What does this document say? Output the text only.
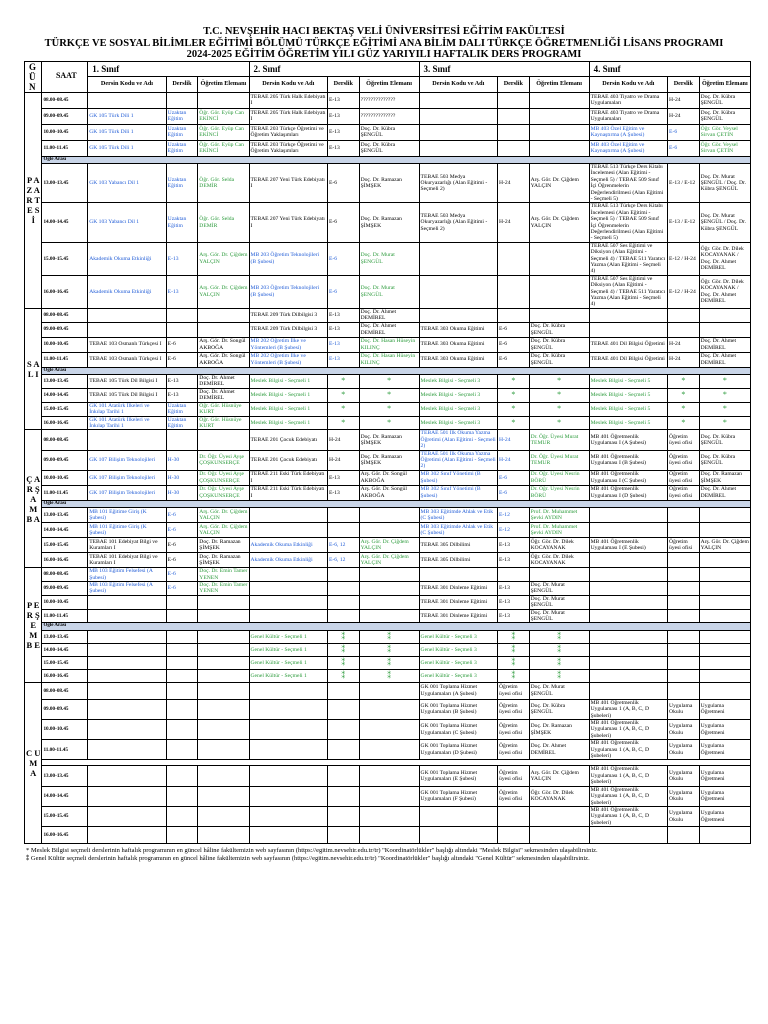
T.C. NEVŞEHİR HACI BEKTAŞ VELİ ÜNİVERSİTESİ EĞİTİM FAKÜLTESİ
TÜRKÇE VE SOSYAL BİLİMLER EĞİTİMİ BÖLÜMÜ TÜRKÇE EĞİTİMİ ANA BİLİM DALI TÜRKÇE ÖĞRETMENLİĞİ LİSANS PROGRAMI
2024-2025 EĞİTİM ÖĞRETİM YILI GÜZ YARIYILI HAFTALIK DERS PROGRAMI
G Ü N	SAAT	1. Sınıf			2. Sınıf			3. Sınıf			4. Sınıf		
		Dersin Kodu ve Adı	Derslik	Öğretim Elemanı	Dersin Kodu ve Adı	Derslik	Öğretim Elemanı	Dersin Kodu ve Adı	Derslik	Öğretim Elemanı	Dersin Kodu ve Adı	Derslik	Öğretim Elemanı
P A Z A R T E S İ	08.00-08.45				TEBAE 205 Türk Halk Edebiyatı I	E-13	??????????????				TEBAE 403 Tiyatro ve Drama Uygulamaları	H-24	Doç. Dr. Kübra ŞENGÜL
	09.00-09.45	GK 105 Türk Dili 1	Uzaktan Eğitim	Öğr. Gör. Eyüp Can EKİNCİ	TEBAE 205 Türk Halk Edebiyatı I	E-13	??????????????				TEBAE 403 Tiyatro ve Drama Uygulamaları	H-24	Doç. Dr. Kübra ŞENGÜL
	10.00-10.45	GK 105 Türk Dili 1	Uzaktan Eğitim	Öğr. Gör. Eyüp Can EKİNCİ	TEBAE 203 Türkçe Öğretimi ve Öğretim Yaklaşımları	E-13	Doç. Dr. Kübra ŞENGÜL				MB 403 Özel Eğitim ve Kaynaştırma (A Şubesi)	E-6	Öğr. Gör. Veysel Sirvan ÇETİN
	11.00-11.45	GK 105 Türk Dili 1	Uzaktan Eğitim	Öğr. Gör. Eyüp Can EKİNCİ	TEBAE 203 Türkçe Öğretimi ve Öğretim Yaklaşımları	E-13	Doç. Dr. Kübra ŞENGÜL				MB 403 Özel Eğitim ve Kaynaştırma (A Şubesi)	E-6	Öğr. Gör. Veysel Sirvan ÇETİN
	Öğle Arası												
	13.00-13.45	GK 103 Yabancı Dil 1	Uzaktan Eğitim	Öğr. Gör. Selda DEMİR	TEBAE 207 Yeni Türk Edebiyatı I	E-6	Doç. Dr. Ramazan ŞİMŞEK	TEBAE 503 Medya Okuryazarlığı (Alan Eğitimi - Seçmeli 2)	H-24	Arş. Gör. Dr. Çiğdem YALÇIN	TEBAE 513 Türkçe Ders Kitabı İncelemesi (Alan Eğitimi - Seçmeli 5) / TEBAE 509 Sınıf İçi Öğrenmelerin Değerlendirilmesi (Alan Eğitimi - Seçmeli 5)	E-13 / E-12	Doç. Dr. Murat ŞENGÜL / Doç. Dr. Kübra ŞENGÜL
	14.00-14.45	GK 103 Yabancı Dil 1	Uzaktan Eğitim	Öğr. Gör. Selda DEMİR	TEBAE 207 Yeni Türk Edebiyatı I	E-6	Doç. Dr. Ramazan ŞİMŞEK	TEBAE 503 Medya Okuryazarlığı (Alan Eğitimi - Seçmeli 2)	H-24	Arş. Gör. Dr. Çiğdem YALÇIN	TEBAE 513 Türkçe Ders Kitabı İncelemesi (Alan Eğitimi - Seçmeli 5) / TEBAE 509 Sınıf İçi Öğrenmelerin Değerlendirilmesi (Alan Eğitimi - Seçmeli 5)	E-13 / E-12	Doç. Dr. Murat ŞENGÜL / Doç. Dr. Kübra ŞENGÜL
	15.00-15.45	Akademik Okuma Etkinliği	E-13	Arş. Gör. Dr. Çiğdem YALÇIN	MB 203 Öğretim Teknolojileri (B Şubesi)	E-6	Doç. Dr. Murat ŞENGÜL				TEBAE 507 Ses Eğitimi ve Diksiyon (Alan Eğitimi - Seçmeli 4) / TEBAE 511 Yaratıcı Yazma (Alan Eğitimi - Seçmeli 4)	E-12 / H-24	Öğr. Gör. Dr. Dilek KOCAYANAK / Doç. Dr. Ahmet DEMİREL
	16.00-16.45	Akademik Okuma Etkinliği	E-13	Arş. Gör. Dr. Çiğdem YALÇIN	MB 203 Öğretim Teknolojileri (B Şubesi)	E-6	Doç. Dr. Murat ŞENGÜL				TEBAE 507 Ses Eğitimi ve Diksiyon (Alan Eğitimi - Seçmeli 4) / TEBAE 511 Yaratıcı Yazma (Alan Eğitimi - Seçmeli 4)	E-12 / H-24	Öğr. Gör. Dr. Dilek KOCAYANAK / Doç. Dr. Ahmet DEMİREL
S A L I	08.00-08.45				TEBAE 209 Türk Dilbilgisi 3	E-13	Doç. Dr. Ahmet DEMİREL						
	09.00-09.45				TEBAE 209 Türk Dilbilgisi 3	E-13	Doç. Dr. Ahmet DEMİREL	TEBAE 303 Okuma Eğitimi	E-6	Doç. Dr. Kübra ŞENGÜL			
	10.00-10.45	TEBAE 103 Osmanlı Türkçesi I	E-6	Arş. Gör. Dr. Songül AKBOĞA	MB 202 Öğretim İlke ve Yöntemleri (B Şubesi)	E-13	Doç. Dr. Hasan Hüseyin KILINÇ	TEBAE 303 Okuma Eğitimi	E-6	Doç. Dr. Kübra ŞENGÜL	TEBAE 401 Dil Bilgisi Öğretimi	H-24	Doç. Dr. Ahmet DEMİREL
	11.00-11.45	TEBAE 103 Osmanlı Türkçesi I	E-6	Arş. Gör. Dr. Songül AKBOĞA	MB 202 Öğretim İlke ve Yöntemleri (B Şubesi)	E-13	Doç. Dr. Hasan Hüseyin KILINÇ	TEBAE 303 Okuma Eğitimi	E-6	Doç. Dr. Kübra ŞENGÜL	TEBAE 401 Dil Bilgisi Öğretimi	H-24	Doç. Dr. Ahmet DEMİREL
	Öğle Arası												
	13.00-13.45	TEBAE 105 Türk Dil Bilgisi I	E-13	Doç. Dr. Ahmet DEMİREL	Meslek Bilgisi - Seçmeli 1	*	*	Meslek Bilgisi - Seçmeli 3	*	*	Meslek Bilgisi - Seçmeli 5	*	*
	14.00-14.45	TEBAE 105 Türk Dil Bilgisi I	E-13	Doç. Dr. Ahmet DEMİREL	Meslek Bilgisi - Seçmeli 1	*	*	Meslek Bilgisi - Seçmeli 3	*	*	Meslek Bilgisi - Seçmeli 5	*	*
	15.00-15.45	GK 101 Atatürk İlkeleri ve İnkılap Tarihi 1	Uzaktan Eğitim	Öğr. Gör. Hüsnüye KURT	Meslek Bilgisi - Seçmeli 1	*	*	Meslek Bilgisi - Seçmeli 3	*	*	Meslek Bilgisi - Seçmeli 5	*	*
	16.00-16.45	GK 101 Atatürk İlkeleri ve İnkılap Tarihi 1	Uzaktan Eğitim	Öğr. Gör. Hüsnüye KURT	Meslek Bilgisi - Seçmeli 1	*	*	Meslek Bilgisi - Seçmeli 3	*	*	Meslek Bilgisi - Seçmeli 5	*	*
Ç A R Ş A M B A	08.00-08.45				TEBAE 201 Çocuk Edebiyatı	H-24	Doç. Dr. Ramazan ŞİMŞEK	TEBAE 501 İlk Okuma Yazma Öğretimi (Alan Eğitimi - Seçmeli 2)	H-24	Dr. Öğr. Üyesi Murat TEMUR	MB 401 Öğretmenlik Uygulaması I (A Şubesi)	Öğretim üyesi ofisi	Doç. Dr. Kübra ŞENGÜL
	09.00-09.45	GK 107 Bilişim Teknolojileri	H-30	Dr. Öğr. Üyesi Ayşe ÇOŞKUNSERÇE	TEBAE 201 Çocuk Edebiyatı	H-24	Doç. Dr. Ramazan ŞİMŞEK	TEBAE 501 İlk Okuma Yazma Öğretimi (Alan Eğitimi - Seçmeli 2)	H-24	Dr. Öğr. Üyesi Murat TEMUR	MB 401 Öğretmenlik Uygulaması I (B Şubesi)	Öğretim üyesi ofisi	Doç. Dr. Kübra ŞENGÜL
	10.00-10.45	GK 107 Bilişim Teknolojileri	H-30	Dr. Öğr. Üyesi Ayşe ÇOŞKUNSERÇE	TEBAE 211 Eski Türk Edebiyatı I	E-13	Arş. Gör. Dr. Songül AKBOĞA	MB 302 Sınıf Yönetimi (B Şubesi)	E-6	Dr. Öğr. Üyesi Nesrin BÖRÜ	MB 401 Öğretmenlik Uygulaması I (C Şubesi)	Öğretim üyesi ofisi	Doç. Dr. Ramazan ŞİMŞEK
	11.00-11.45	GK 107 Bilişim Teknolojileri	H-30	Dr. Öğr. Üyesi Ayşe ÇOŞKUNSERÇE	TEBAE 211 Eski Türk Edebiyatı I	E-13	Arş. Gör. Dr. Songül AKBOĞA	MB 302 Sınıf Yönetimi (B Şubesi)	E-6	Dr. Öğr. Üyesi Nesrin BÖRÜ	MB 401 Öğretmenlik Uygulaması I (D Şubesi)	Öğretim üyesi ofisi	Doç. Dr. Ahmet DEMİREL
	Öğle Arası												
	13.00-13.45	MB 101 Eğitime Giriş (K Şubesi)	E-6	Arş. Gör. Dr. Çiğdem YALÇIN				MB 303 Eğitimde Ahlak ve Etik (C Şubesi)	E-12	Prof. Dr. Muhammet Şevki AYDIN			
	14.00-14.45	MB 101 Eğitime Giriş (K Şubesi)	E-6	Arş. Gör. Dr. Çiğdem YALÇIN				MB 303 Eğitimde Ahlak ve Etik (C Şubesi)	E-12	Prof. Dr. Muhammet Şevki AYDIN			
	15.00-15.45	TEBAE 101 Edebiyat Bilgi ve Kuramları I	E-6	Doç. Dr. Ramazan ŞİMŞEK	Akademik Okuma Etkinliği	E-6, 12	Arş. Gör. Dr. Çiğdem YALÇIN	TEBAE 305 Dilbilimi	E-13	Öğr. Gör. Dr. Dilek KOCAYANAK	MB 401 Öğretmenlik Uygulaması I (E Şubesi)	Öğretim üyesi ofisi	Arş. Gör. Dr. Çiğdem YALÇIN
	16.00-16.45	TEBAE 101 Edebiyat Bilgi ve Kuramları I	E-6	Doç. Dr. Ramazan ŞİMŞEK	Akademik Okuma Etkinliği	E-6, 12	Arş. Gör. Dr. Çiğdem YALÇIN	TEBAE 305 Dilbilimi	E-13	Öğr. Gör. Dr. Dilek KOCAYANAK			
P E R Ş E M B E	08.00-08.45	MB 103 Eğitim Felsefesi (A Şubesi)	E-6	Doç. Dr. Emin Tamer YENEN									
	09.00-09.45	MB 103 Eğitim Felsefesi (A Şubesi)	E-6	Doç. Dr. Emin Tamer YENEN				TEBAE 301 Dinleme Eğitimi	E-13	Doç. Dr. Murat ŞENGÜL			
	10.00-10.45							TEBAE 301 Dinleme Eğitimi	E-13	Doç. Dr. Murat ŞENGÜL			
	11.00-11.45							TEBAE 301 Dinleme Eğitimi	E-13	Doç. Dr. Murat ŞENGÜL			
	Öğle Arası												
	13.00-13.45				Genel Kültür - Seçmeli 1	⁑	⁑	Genel Kültür - Seçmeli 3	⁑	⁑			
	14.00-14.45				Genel Kültür - Seçmeli 1	⁑	⁑	Genel Kültür - Seçmeli 3	⁑	⁑			
	15.00-15.45				Genel Kültür - Seçmeli 1	⁑	⁑	Genel Kültür - Seçmeli 3	⁑	⁑			
	16.00-16.45				Genel Kültür - Seçmeli 1	⁑	⁑	Genel Kültür - Seçmeli 3	⁑	⁑			
C U M A	08.00-08.45							GK 001 Toplama Hizmet Uygulamaları (A Şubesi)	Öğretim üyesi ofisi	Doç. Dr. Murat ŞENGÜL			
	09.00-09.45							GK 001 Toplama Hizmet Uygulamaları (B Şubesi)	Öğretim üyesi ofisi	Doç. Dr. Kübra ŞENGÜL	MB 401 Öğretmenlik Uygulaması 1 (A, B, C, D Şubeleri)	Uygulama Okulu	Uygulama Öğretmeni
	10.00-10.45							GK 001 Toplama Hizmet Uygulamaları (C Şubesi)	Öğretim üyesi ofisi	Doç. Dr. Ramazan ŞİMŞEK	MB 401 Öğretmenlik Uygulaması 1 (A, B, C, D Şubeleri)	Uygulama Okulu	Uygulama Öğretmeni
	11.00-11.45							GK 001 Toplama Hizmet Uygulamaları (D Şubesi)	Öğretim üyesi ofisi	Doç. Dr. Ahmet DEMİREL	MB 401 Öğretmenlik Uygulaması 1 (A, B, C, D Şubeleri)	Uygulama Okulu	Uygulama Öğretmeni

	13.00-13.45							GK 001 Toplama Hizmet Uygulamaları (E Şubesi)	Öğretim üyesi ofisi	Arş. Gör. Dr. Çiğdem YALÇIN	MB 401 Öğretmenlik Uygulaması 1 (A, B, C, D Şubeleri)	Uygulama Okulu	Uygulama Öğretmeni
	14.00-14.45							GK 001 Toplama Hizmet Uygulamaları (F Şubesi)	Öğretim üyesi ofisi	Öğr. Gör. Dr. Dilek KOCAYANAK	MB 401 Öğretmenlik Uygulaması 1 (A, B, C, D Şubeleri)	Uygulama Okulu	Uygulama Öğretmeni
	15.00-15.45										MB 401 Öğretmenlik Uygulaması 1 (A, B, C, D Şubeleri)	Uygulama Okulu	Uygulama Öğretmeni
	16.00-16.45												
* Meslek Bilgisi seçmeli derslerinin haftalık programının en güncel hâline fakültemizin web sayfasının (https://egitim.nevsehir.edu.tr/tr) "Koordinatörlükler" başlığı altındaki "Meslek Bilgisi" sekmesinden ulaşabilirsiniz.
⁑ Genel Kültür seçmeli derslerinin haftalık programının en güncel hâline fakültemizin web sayfasının (https://egitim.nevsehir.edu.tr/tr) "Koordinatörlükler" başlığı altındaki "Genel Kültür" sekmesinden ulaşabilirsiniz.
